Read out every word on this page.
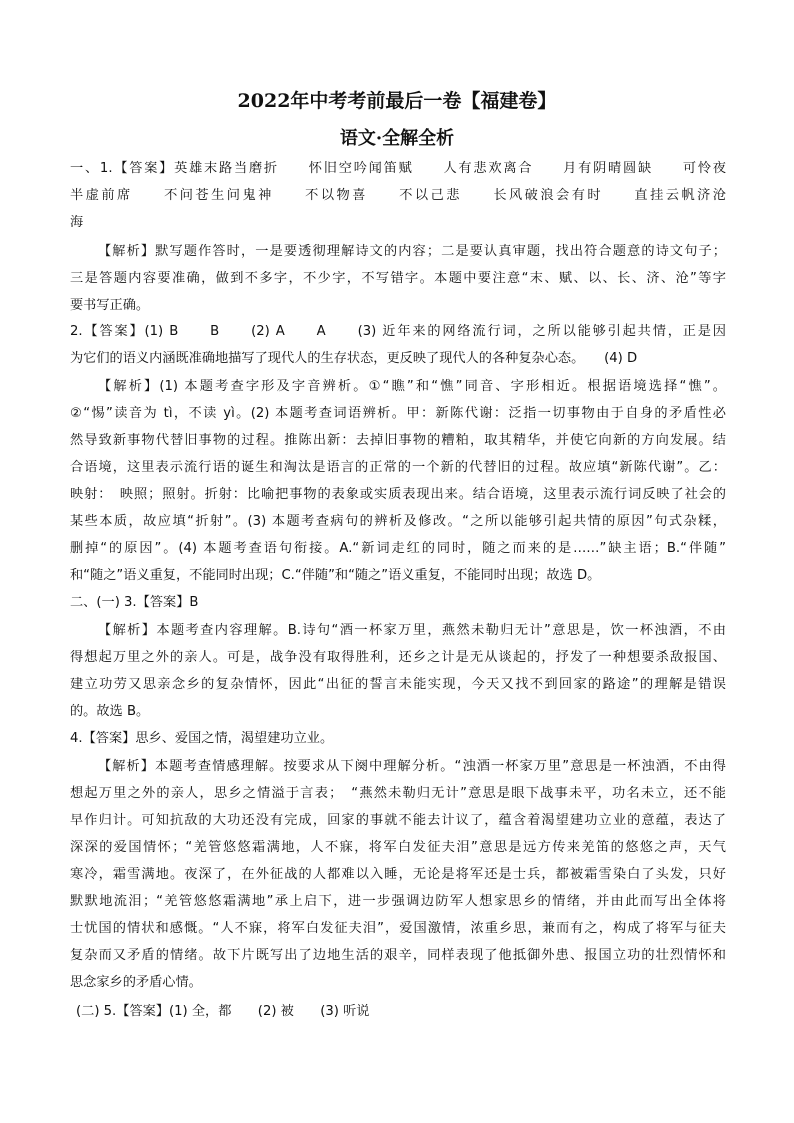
2022年中考考前最后一卷【福建卷】
语文·全解全析
一、1.【答案】英雄末路当磨折　　怀旧空吟闻笛赋　　人有悲欢离合　　月有阴晴圆缺　　可怜夜
半虚前席　　不问苍生问鬼神　　不以物喜　　不以己悲　　长风破浪会有时　　直挂云帆济沧
海
【解析】默写题作答时，一是要透彻理解诗文的内容；二是要认真审题，找出符合题意的诗文句子；
三是答题内容要准确，做到不多字，不少字，不写错字。本题中要注意“末、赋、以、长、济、沧”等字
要书写正确。
2.【答案】(1) B　　B　　(2) A　　A　　(3) 近年来的网络流行词，之所以能够引起共情，正是因
为它们的语义内涵既准确地描写了现代人的生存状态，更反映了现代人的各种复杂心态。　　(4) D
【解析】(1) 本题考查字形及字音辨析。①“瞧”和“憔”同音、字形相近。根据语境选择“憔”。
②“惕”读音为 tì，不读 yì。(2) 本题考查词语辨析。甲：新陈代谢：泛指一切事物由于自身的矛盾性必
然导致新事物代替旧事物的过程。推陈出新：去掉旧事物的糟粕，取其精华，并使它向新的方向发展。结
合语境，这里表示流行语的诞生和淘汰是语言的正常的一个新的代替旧的过程。故应填“新陈代谢”。乙：
映射：　映照；照射。折射：比喻把事物的表象或实质表现出来。结合语境，这里表示流行词反映了社会的
某些本质，故应填“折射”。(3) 本题考查病句的辨析及修改。“之所以能够引起共情的原因”句式杂糅，
删掉“的原因”。(4) 本题考查语句衔接。A.“新词走红的同时，随之而来的是……”缺主语；B.“伴随”
和“随之”语义重复，不能同时出现；C.“伴随”和“随之”语义重复，不能同时出现；故选 D。
二、(一) 3.【答案】B
【解析】本题考查内容理解。B.诗句“酒一杯家万里，燕然未勒归无计”意思是，饮一杯浊酒，不由
得想起万里之外的亲人。可是，战争没有取得胜利，还乡之计是无从谈起的，抒发了一种想要杀敌报国、
建立功劳又思亲念乡的复杂情怀，因此“出征的誓言未能实现，今天又找不到回家的路途”的理解是错误
的。故选 B。
4.【答案】思乡、爱国之情，渴望建功立业。
【解析】本题考查情感理解。按要求从下阕中理解分析。“浊酒一杯家万里”意思是一杯浊酒，不由得
想起万里之外的亲人，思乡之情溢于言表；　“燕然未勒归无计”意思是眼下战事未平，功名未立，还不能
早作归计。可知抗敌的大功还没有完成，回家的事就不能去计议了，蕴含着渴望建功立业的意蕴，表达了
深深的爱国情怀；“羌管悠悠霜满地，人不寐，将军白发征夫泪”意思是远方传来羌笛的悠悠之声，天气
寒冷，霜雪满地。夜深了，在外征战的人都难以入睡，无论是将军还是士兵，都被霜雪染白了头发，只好
默默地流泪；“羌管悠悠霜满地”承上启下，进一步强调边防军人想家思乡的情绪，并由此而写出全体将
士忧国的情状和感慨。“人不寐，将军白发征夫泪”，爱国激情，浓重乡思，兼而有之，构成了将军与征夫
复杂而又矛盾的情绪。故下片既写出了边地生活的艰辛，同样表现了他抵御外患、报国立功的壮烈情怀和
思念家乡的矛盾心情。
(二) 5.【答案】(1) 全，都　　(2) 被　　(3) 听说
